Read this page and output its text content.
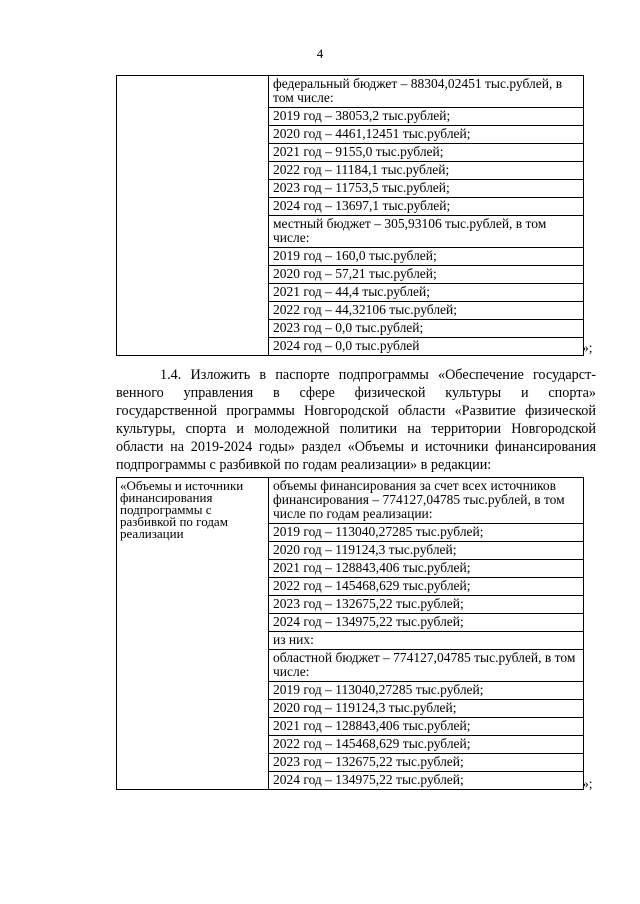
4

федеральный бюджет – 88304,02451 тыс.рублей, в том числе:
2019 год – 38053,2 тыс.рублей;
2020 год – 4461,12451 тыс.рублей;
2021 год – 9155,0 тыс.рублей;
2022 год – 11184,1 тыс.рублей;
2023 год – 11753,5 тыс.рублей;
2024 год – 13697,1 тыс.рублей;
местный бюджет – 305,93106 тыс.рублей, в том числе:
2019 год – 160,0 тыс.рублей;
2020 год – 57,21 тыс.рублей;
2021 год – 44,4 тыс.рублей;
2022 год – 44,32106 тыс.рублей;
2023 год – 0,0 тыс.рублей;
2024 год – 0,0 тыс.рублей	»;
1.4. Изложить в паспорте подпрограммы «Обеспечение государст-
венного управления в сфере физической культуры и спорта»
государственной программы Новгородской области «Развитие физической
культуры, спорта и молодежной политики на территории Новгородской
области на 2019-2024 годы» раздел «Объемы и источники финансирования
подпрограммы с разбивкой по годам реализации» в редакции:
«Объемы и источники финансирования подпрограммы с разбивкой по годам реализации

объемы финансирования за счет всех источников финансирования – 774127,04785 тыс.рублей, в том числе по годам реализации:
2019 год – 113040,27285 тыс.рублей;
2020 год – 119124,3 тыс.рублей;
2021 год – 128843,406 тыс.рублей;
2022 год – 145468,629 тыс.рублей;
2023 год – 132675,22 тыс.рублей;
2024 год – 134975,22 тыс.рублей;
из них:
областной бюджет – 774127,04785 тыс.рублей, в том числе:
2019 год – 113040,27285 тыс.рублей;
2020 год – 119124,3 тыс.рублей;
2021 год – 128843,406 тыс.рублей;
2022 год – 145468,629 тыс.рублей;
2023 год – 132675,22 тыс.рублей;
2024 год – 134975,22 тыс.рублей;	»;
